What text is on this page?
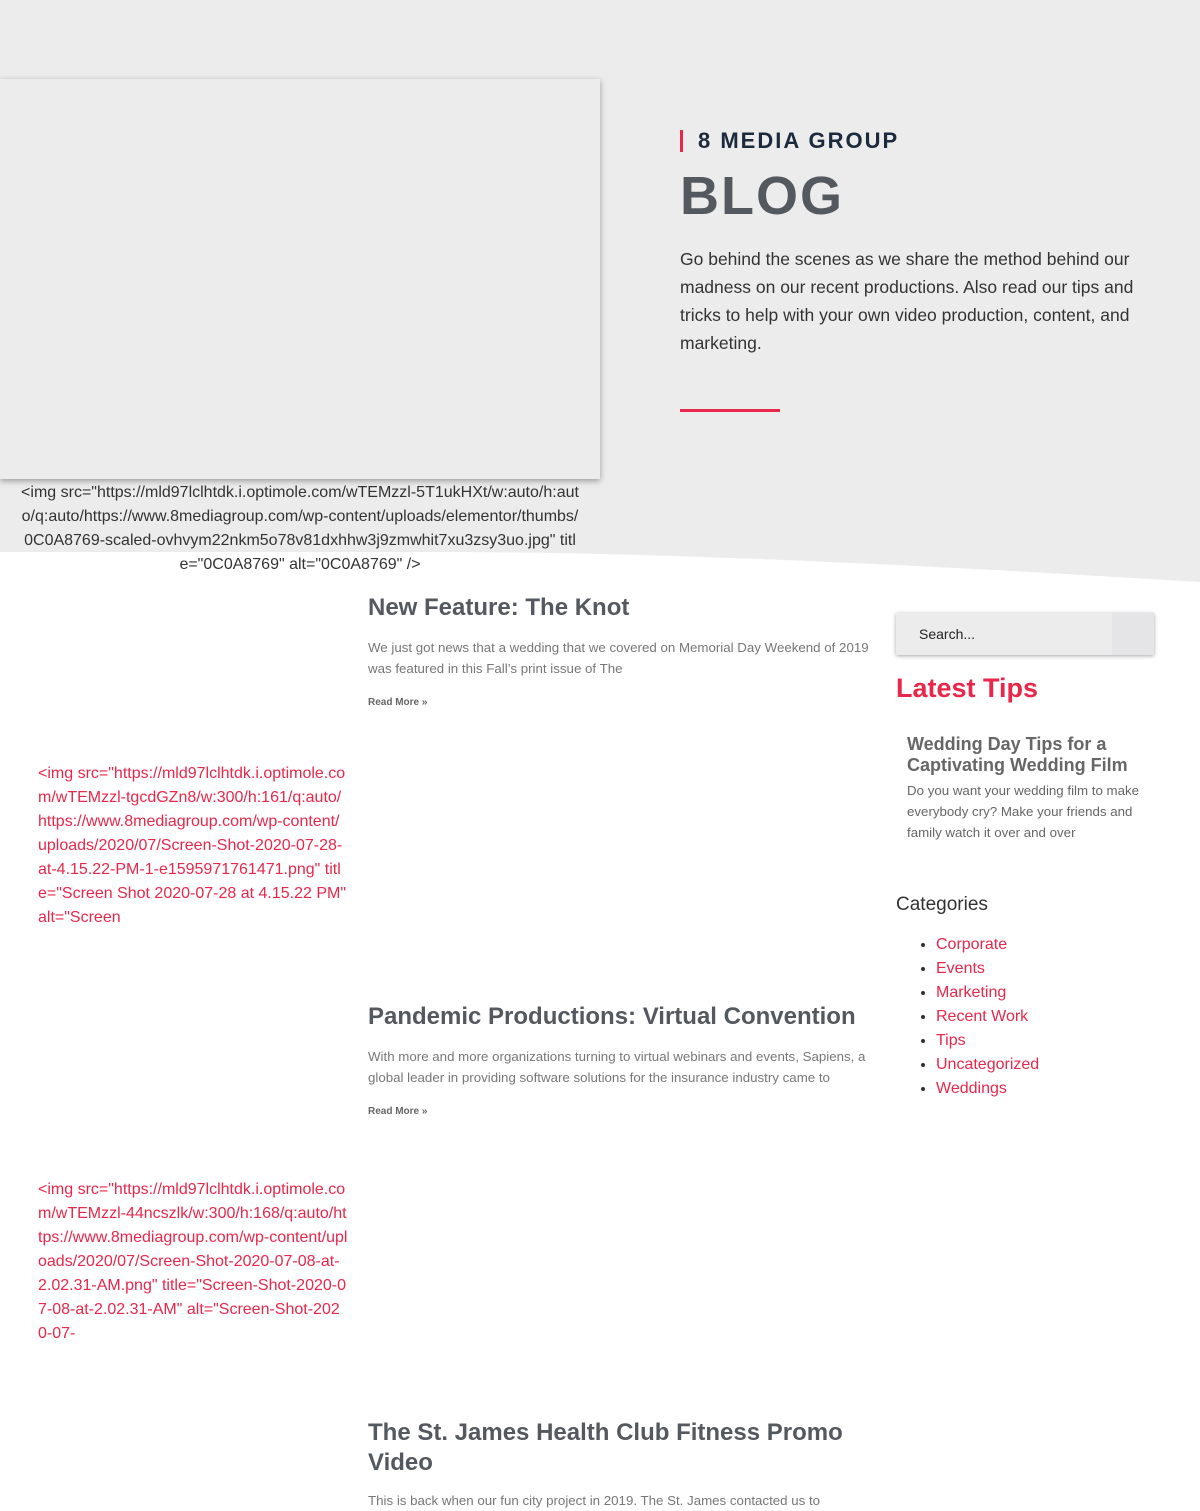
<img src="https://mld97lclhtdk.i.optimole.com/wTEMzzl-5T1ukHXt/w:auto/h:auto/q:auto/https://www.8mediagroup.com/wp-content/uploads/elementor/thumbs/0C0A8769-scaled-ovhvym22nkm5o78v81dxhhw3j9zmwhit7xu3zsy3uo.jpg" title="0C0A8769" alt="0C0A8769" />
8 MEDIA GROUP
BLOG

Go behind the scenes as we share the method behind our madness on our recent productions. Also read our tips and tricks to help with your own video production, content, and marketing.

New Feature: The Knot

We just got news that a wedding that we covered on Memorial Day Weekend of 2019 was featured in this Fall’s print issue of The

Read More »
<img src="https://mld97lclhtdk.i.optimole.com/wTEMzzl-tgcdGZn8/w:300/h:161/q:auto/https://www.8mediagroup.com/wp-content/uploads/2020/07/Screen-Shot-2020-07-28-at-4.15.22-PM-1-e1595971761471.png" title="Screen Shot 2020-07-28 at 4.15.22 PM" alt="Screen
Pandemic Productions: Virtual Convention

With more and more organizations turning to virtual webinars and events, Sapiens, a global leader in providing software solutions for the insurance industry came to

Read More »
<img src="https://mld97lclhtdk.i.optimole.com/wTEMzzl-44ncszlk/w:300/h:168/q:auto/https://www.8mediagroup.com/wp-content/uploads/2020/07/Screen-Shot-2020-07-08-at-2.02.31-AM.png" title="Screen-Shot-2020-07-08-at-2.02.31-AM" alt="Screen-Shot-2020-07-
The St. James Health Club Fitness Promo Video

This is back when our fun city project in 2019. The St. James contacted us to

Search...
Latest Tips
Wedding Day Tips for a Captivating Wedding Film

Do you want your wedding film to make everybody cry? Make your friends and family watch it over and over

Categories
• Corporate
• Events
• Marketing
• Recent Work
• Tips
• Uncategorized
• Weddings
